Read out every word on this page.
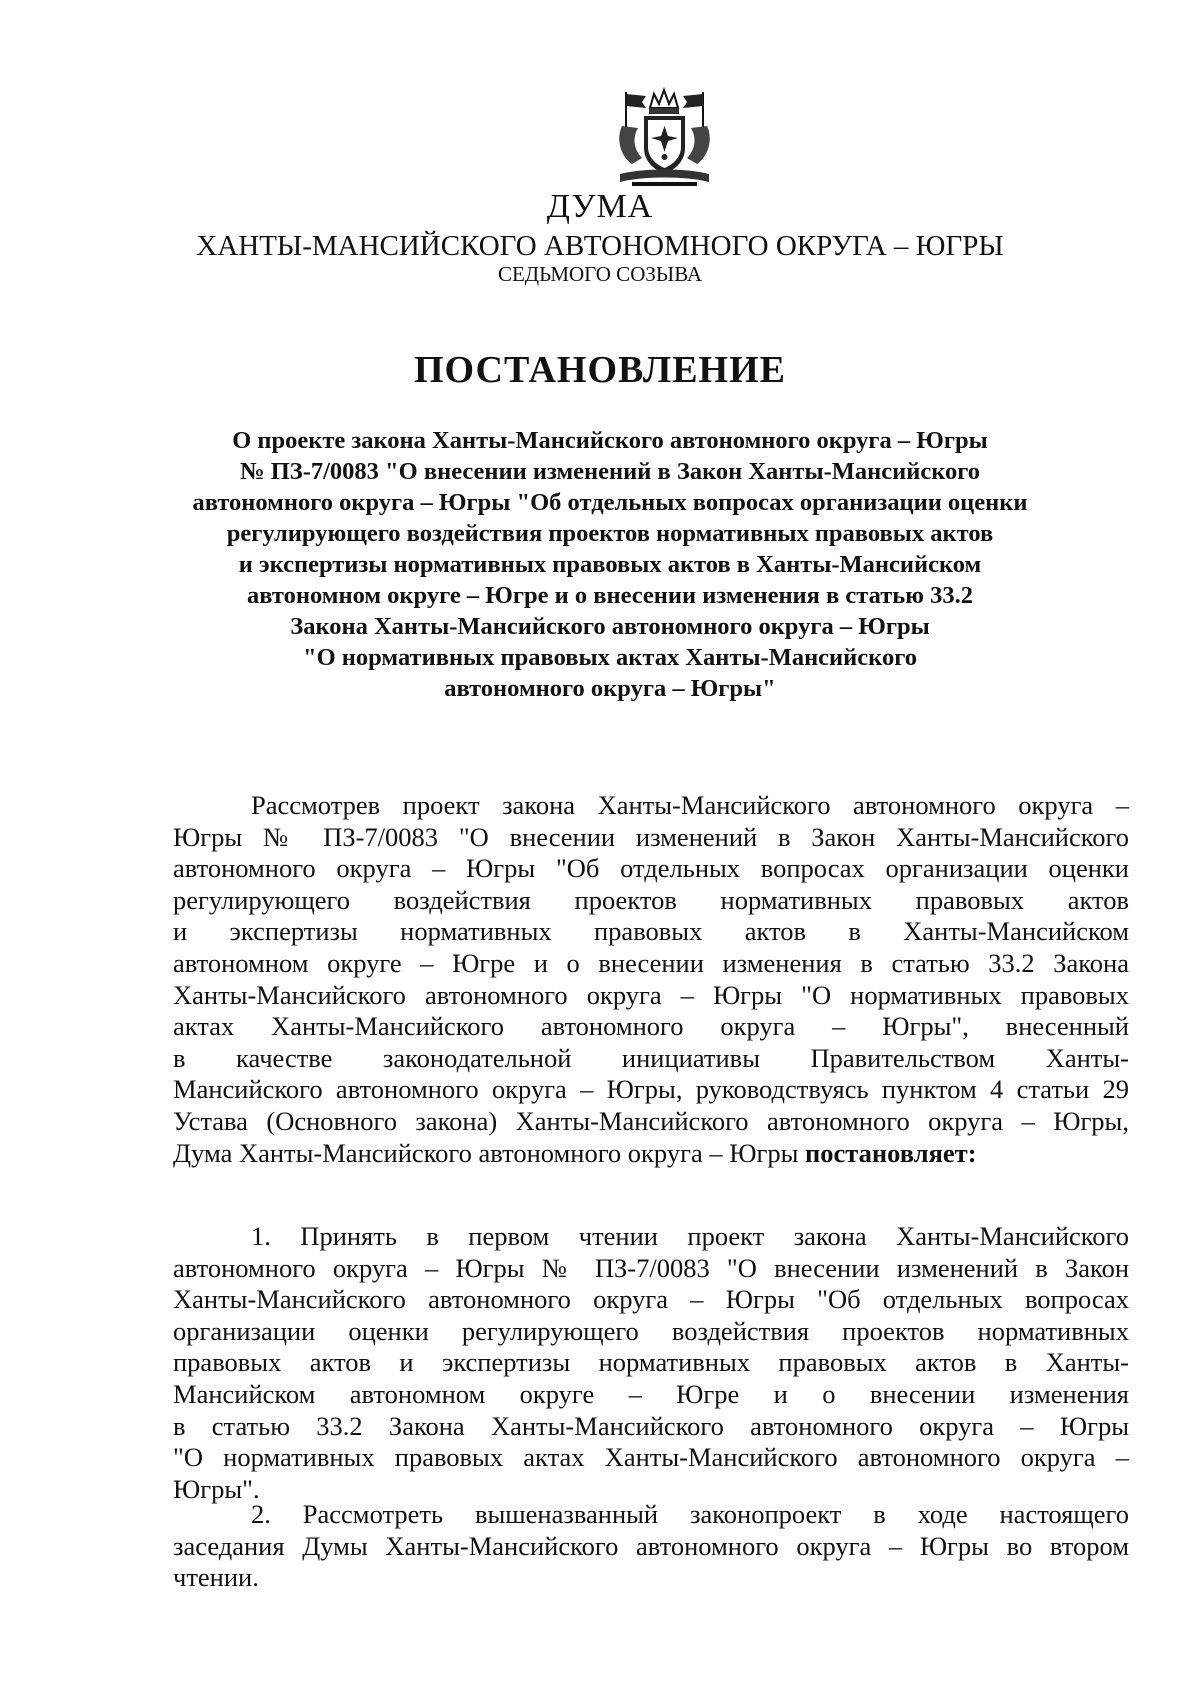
ДУМА
ХАНТЫ-МАНСИЙСКОГО АВТОНОМНОГО ОКРУГА – ЮГРЫ
СЕДЬМОГО СОЗЫВА
ПОСТАНОВЛЕНИЕ
О проекте закона Ханты-Мансийского автономного округа – Югры
№ ПЗ-7/0083 "О внесении изменений в Закон Ханты-Мансийского
автономного округа – Югры "Об отдельных вопросах организации оценки
регулирующего воздействия проектов нормативных правовых актов
и экспертизы нормативных правовых актов в Ханты-Мансийском
автономном округе – Югре и о внесении изменения в статью 33.2
Закона Ханты-Мансийского автономного округа – Югры
"О нормативных правовых актах Ханты-Мансийского
автономного округа – Югры"
Рассмотрев проект закона Ханты-Мансийского автономного округа –
Югры № ПЗ-7/0083 "О внесении изменений в Закон Ханты-Мансийского
автономного округа – Югры "Об отдельных вопросах организации оценки
регулирующего воздействия проектов нормативных правовых актов
и экспертизы нормативных правовых актов в Ханты-Мансийском
автономном округе – Югре и о внесении изменения в статью 33.2 Закона
Ханты-Мансийского автономного округа – Югры "О нормативных правовых
актах Ханты-Мансийского автономного округа – Югры", внесенный
в качестве законодательной инициативы Правительством Ханты-
Мансийского автономного округа – Югры, руководствуясь пунктом 4 статьи 29
Устава (Основного закона) Ханты-Мансийского автономного округа – Югры,
Дума Ханты-Мансийского автономного округа – Югры постановляет:
1. Принять в первом чтении проект закона Ханты-Мансийского
автономного округа – Югры № ПЗ-7/0083 "О внесении изменений в Закон
Ханты-Мансийского автономного округа – Югры "Об отдельных вопросах
организации оценки регулирующего воздействия проектов нормативных
правовых актов и экспертизы нормативных правовых актов в Ханты-
Мансийском автономном округе – Югре и о внесении изменения
в статью 33.2 Закона Ханты-Мансийского автономного округа – Югры
"О нормативных правовых актах Ханты-Мансийского автономного округа –
Югры".
2. Рассмотреть вышеназванный законопроект в ходе настоящего
заседания Думы Ханты-Мансийского автономного округа – Югры во втором
чтении.
